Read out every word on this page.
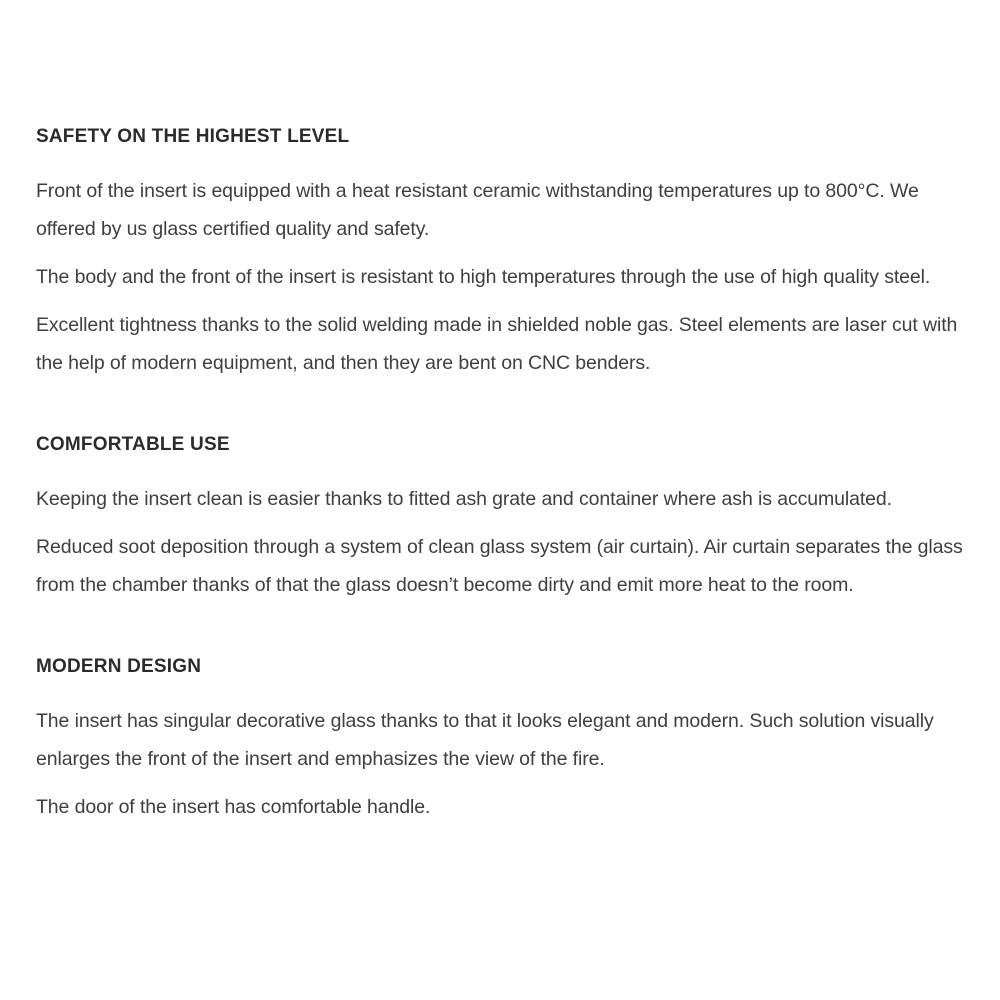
SAFETY ON THE HIGHEST LEVEL

Front of the insert is equipped with a heat resistant ceramic withstanding temperatures up to 800°C. We offered by us glass certified quality and safety.

The body and the front of the insert is resistant to high temperatures through the use of high quality steel.

Excellent tightness thanks to the solid welding made in shielded noble gas. Steel elements are laser cut with the help of modern equipment, and then they are bent on CNC benders.

COMFORTABLE USE

Keeping the insert clean is easier thanks to fitted ash grate and container where ash is accumulated.

Reduced soot deposition through a system of clean glass system (air curtain). Air curtain separates the glass from the chamber thanks of that the glass doesn’t become dirty and emit more heat to the room.

MODERN DESIGN

The insert has singular decorative glass thanks to that it looks elegant and modern. Such solution visually enlarges the front of the insert and emphasizes the view of the fire.

The door of the insert has comfortable handle.
